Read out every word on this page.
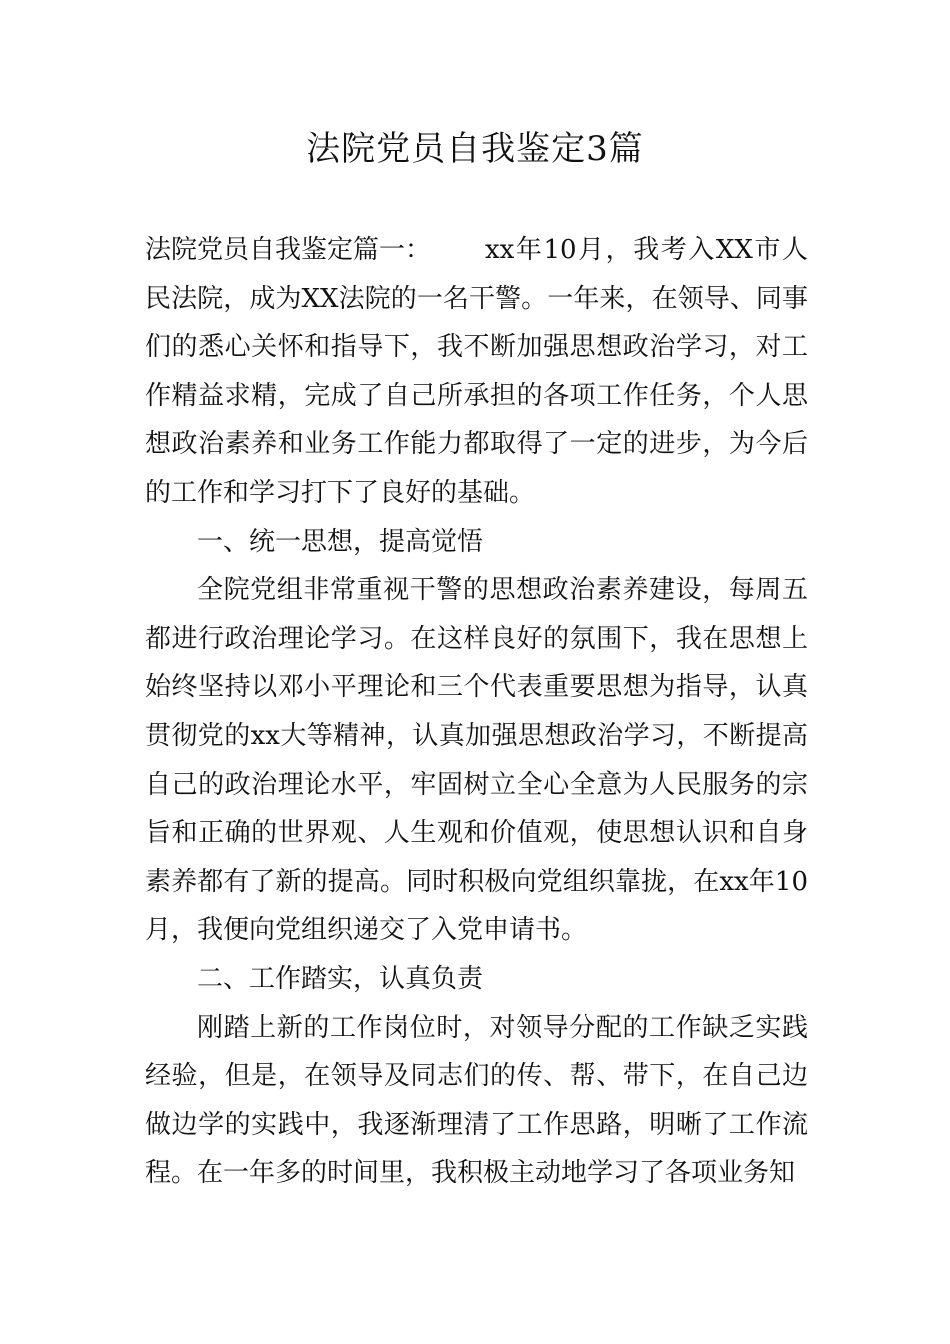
法院党员自我鉴定3篇

法院党员自我鉴定篇一： xx年10月，我考入XX市人民法院，成为XX法院的一名干警。一年来，在领导、同事们的悉心关怀和指导下，我不断加强思想政治学习，对工作精益求精，完成了自己所承担的各项工作任务，个人思想政治素养和业务工作能力都取得了一定的进步，为今后的工作和学习打下了良好的基础。

一、统一思想，提高觉悟

全院党组非常重视干警的思想政治素养建设，每周五都进行政治理论学习。在这样良好的氛围下，我在思想上始终坚持以邓小平理论和三个代表重要思想为指导，认真贯彻党的xx大等精神，认真加强思想政治学习，不断提高自己的政治理论水平，牢固树立全心全意为人民服务的宗旨和正确的世界观、人生观和价值观，使思想认识和自身素养都有了新的提高。同时积极向党组织靠拢，在xx年10月，我便向党组织递交了入党申请书。

二、工作踏实，认真负责

刚踏上新的工作岗位时，对领导分配的工作缺乏实践经验，但是，在领导及同志们的传、帮、带下，在自己边做边学的实践中，我逐渐理清了工作思路，明晰了工作流程。在一年多的时间里，我积极主动地学习了各项业务知
